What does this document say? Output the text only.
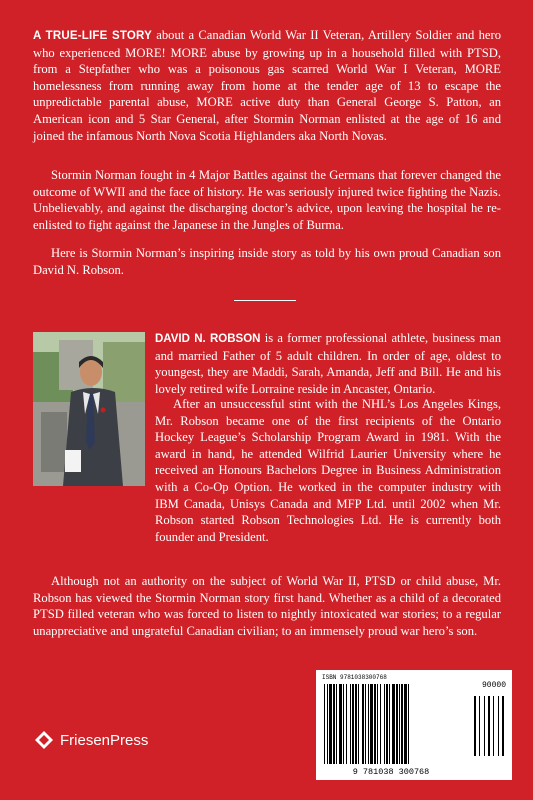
A TRUE-LIFE STORY about a Canadian World War II Veteran, Artillery Soldier and hero who experienced MORE! MORE abuse by growing up in a household filled with PTSD, from a Stepfather who was a poisonous gas scarred World War I Veteran, MORE homelessness from running away from home at the tender age of 13 to escape the unpredictable parental abuse, MORE active duty than General George S. Patton, an American icon and 5 Star General, after Stormin Norman enlisted at the age of 16 and joined the infamous North Nova Scotia Highlanders aka North Novas.

Stormin Norman fought in 4 Major Battles against the Germans that forever changed the outcome of WWII and the face of history. He was seriously injured twice fighting the Nazis. Unbelievably, and against the discharging doctor’s advice, upon leaving the hospital he re-enlisted to fight against the Japanese in the Jungles of Burma.

Here is Stormin Norman’s inspiring inside story as told by his own proud Canadian son David N. Robson.

DAVID N. ROBSON is a former professional athlete, business man and married Father of 5 adult children. In order of age, oldest to youngest, they are Maddi, Sarah, Amanda, Jeff and Bill. He and his lovely retired wife Lorraine reside in Ancaster, Ontario.

After an unsuccessful stint with the NHL’s Los Angeles Kings, Mr. Robson became one of the first recipients of the Ontario Hockey League’s Scholarship Program Award in 1981. With the award in hand, he attended Wilfrid Laurier University where he received an Honours Bachelors Degree in Business Administration with a Co-Op Option. He worked in the computer industry with IBM Canada, Unisys Canada and MFP Ltd. until 2002 when Mr. Robson started Robson Technologies Ltd. He is currently both founder and President.

Although not an authority on the subject of World War II, PTSD or child abuse, Mr. Robson has viewed the Stormin Norman story first hand. Whether as a child of a decorated PTSD filled veteran who was forced to listen to nightly intoxicated war stories; to a regular unappreciative and ungrateful Canadian civilian; to an immensely proud war hero’s son.

ISBN 9781038300768
90000
9 781038 300768
FriesenPress
